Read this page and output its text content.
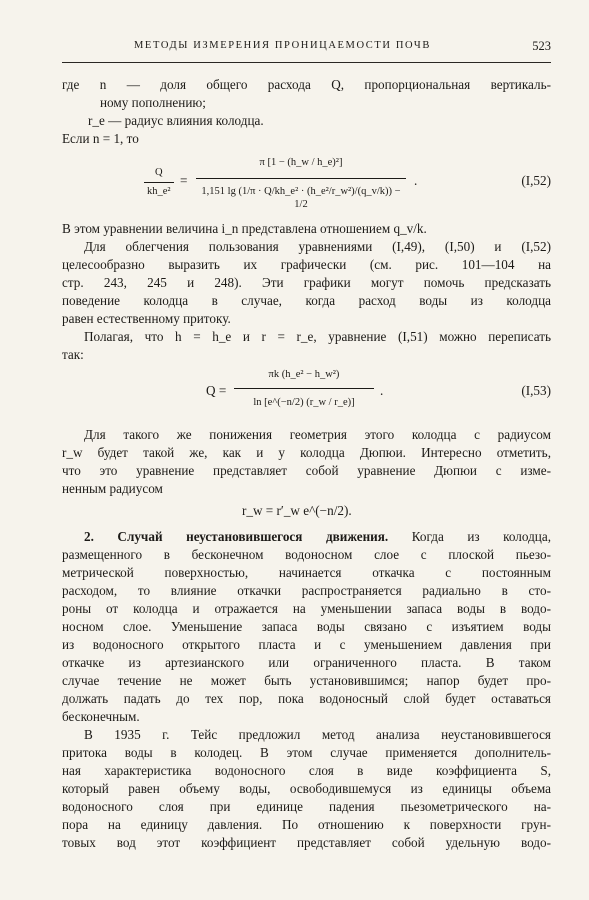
МЕТОДЫ ИЗМЕРЕНИЯ ПРОНИЦАЕМОСТИ ПОЧВ	523
где n — доля общего расхода Q, пропорциональная вертикаль-
ному пополнению;
r_e — радиус влияния колодца.
Если n = 1, то
$\frac{Q}{\text{kh\_e²}} = \frac{\text{π [1 − (h\_w / h\_e)²]}}{\text{1,151 lg (1/π · Q/kh\_e² · (h\_e²/r\_w²)/(q\_v/k)) − 1/2}}$ .	(I,52)
В этом уравнении величина i_n представлена отношением q_v/k.
Для облегчения пользования уравнениями (I,49), (I,50) и (I,52)
целесообразно выразить их графически (см. рис. 101—104 на
стр. 243, 245 и 248). Эти графики могут помочь предсказать
поведение колодца в случае, когда расход воды из колодца
равен естественному притоку.
Полагая, что h = h_e и r = r_e, уравнение (I,51) можно переписать
так:
$Q = \frac{\text{πk (h\_e² − h\_w²)}}{\ln [e\^{}(-n/2) (r\_w / r\_e)]}$ .	(I,53)
Для такого же понижения геометрия этого колодца с радиусом
r_w будет такой же, как и у колодца Дюпюи. Интересно отметить,
что это уравнение представляет собой уравнение Дюпюи с изме-
ненным радиусом
r_w = r′_w e^(−n/2).
2. Случай неустановившегося движения. Когда из колодца,
размещенного в бесконечном водоносном слое с плоской пьезо-
метрической поверхностью, начинается откачка с постоянным
расходом, то влияние откачки распространяется радиально в сто-
роны от колодца и отражается на уменьшении запаса воды в водо-
носном слое. Уменьшение запаса воды связано с изъятием воды
из водоносного открытого пласта и с уменьшением давления при
откачке из артезианского или ограниченного пласта. В таком
случае течение не может быть установившимся; напор будет про-
должать падать до тех пор, пока водоносный слой будет оставаться
бесконечным.
В 1935 г. Тейс предложил метод анализа неустановившегося
притока воды в колодец. В этом случае применяется дополнитель-
ная характеристика водоносного слоя в виде коэффициента S,
который равен объему воды, освободившемуся из единицы объема
водоносного слоя при единице падения пьезометрического на-
пора на единицу давления. По отношению к поверхности грун-
товых вод этот коэффициент представляет собой удельную водо-
